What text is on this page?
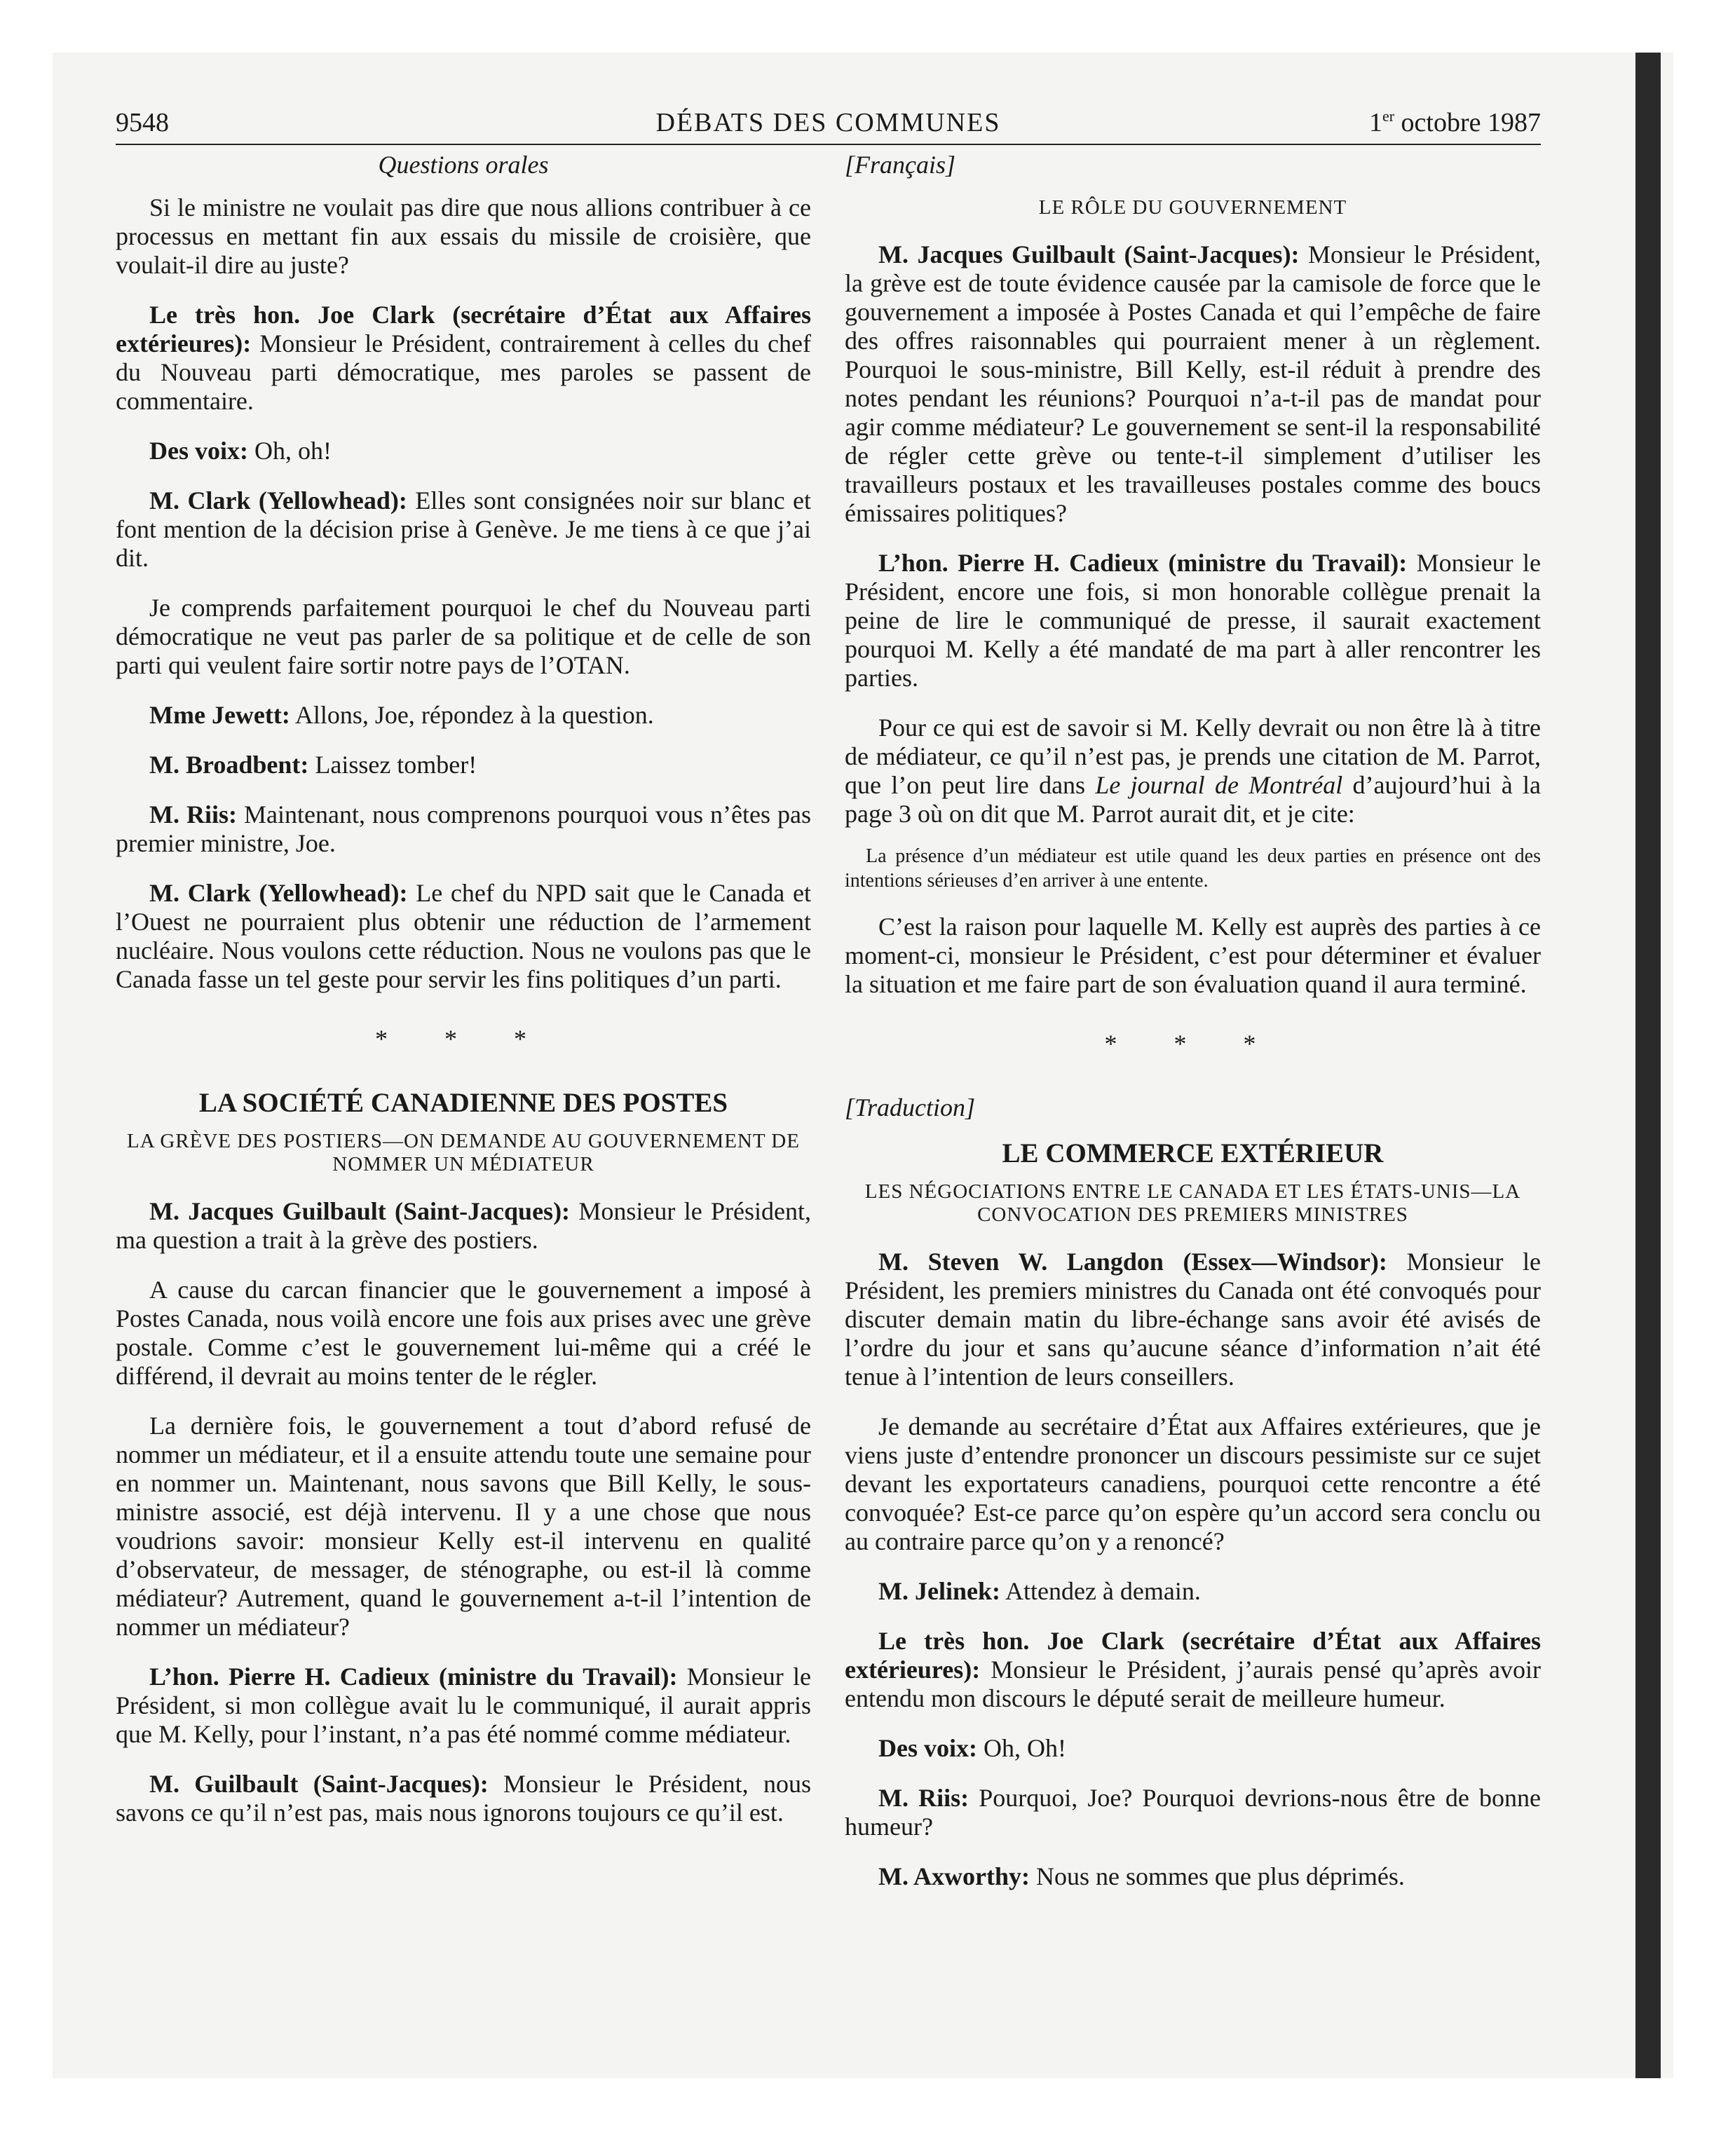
9548	DÉBATS DES COMMUNES	1er octobre 1987

Questions orales

Si le ministre ne voulait pas dire que nous allions contribuer à ce processus en mettant fin aux essais du missile de croisière, que voulait-il dire au juste?

Le très hon. Joe Clark (secrétaire d’État aux Affaires extérieures): Monsieur le Président, contrairement à celles du chef du Nouveau parti démocratique, mes paroles se passent de commentaire.

Des voix: Oh, oh!

M. Clark (Yellowhead): Elles sont consignées noir sur blanc et font mention de la décision prise à Genève. Je me tiens à ce que j’ai dit.

Je comprends parfaitement pourquoi le chef du Nouveau parti démocratique ne veut pas parler de sa politique et de celle de son parti qui veulent faire sortir notre pays de l’OTAN.

Mme Jewett: Allons, Joe, répondez à la question.

M. Broadbent: Laissez tomber!

M. Riis: Maintenant, nous comprenons pourquoi vous n’êtes pas premier ministre, Joe.

M. Clark (Yellowhead): Le chef du NPD sait que le Canada et l’Ouest ne pourraient plus obtenir une réduction de l’armement nucléaire. Nous voulons cette réduction. Nous ne voulons pas que le Canada fasse un tel geste pour servir les fins politiques d’un parti.

* * *

LA SOCIÉTÉ CANADIENNE DES POSTES

LA GRÈVE DES POSTIERS—ON DEMANDE AU GOUVERNEMENT DE NOMMER UN MÉDIATEUR

M. Jacques Guilbault (Saint-Jacques): Monsieur le Président, ma question a trait à la grève des postiers.

A cause du carcan financier que le gouvernement a imposé à Postes Canada, nous voilà encore une fois aux prises avec une grève postale. Comme c’est le gouvernement lui-même qui a créé le différend, il devrait au moins tenter de le régler.

La dernière fois, le gouvernement a tout d’abord refusé de nommer un médiateur, et il a ensuite attendu toute une semaine pour en nommer un. Maintenant, nous savons que Bill Kelly, le sous-ministre associé, est déjà intervenu. Il y a une chose que nous voudrions savoir: monsieur Kelly est-il intervenu en qualité d’observateur, de messager, de sténographe, ou est-il là comme médiateur? Autrement, quand le gouvernement a-t-il l’intention de nommer un médiateur?

L’hon. Pierre H. Cadieux (ministre du Travail): Monsieur le Président, si mon collègue avait lu le communiqué, il aurait appris que M. Kelly, pour l’instant, n’a pas été nommé comme médiateur.

M. Guilbault (Saint-Jacques): Monsieur le Président, nous savons ce qu’il n’est pas, mais nous ignorons toujours ce qu’il est.

[Français]

LE RÔLE DU GOUVERNEMENT

M. Jacques Guilbault (Saint-Jacques): Monsieur le Président, la grève est de toute évidence causée par la camisole de force que le gouvernement a imposée à Postes Canada et qui l’empêche de faire des offres raisonnables qui pourraient mener à un règlement. Pourquoi le sous-ministre, Bill Kelly, est-il réduit à prendre des notes pendant les réunions? Pourquoi n’a-t-il pas de mandat pour agir comme médiateur? Le gouvernement se sent-il la responsabilité de régler cette grève ou tente-t-il simplement d’utiliser les travailleurs postaux et les travailleuses postales comme des boucs émissaires politiques?

L’hon. Pierre H. Cadieux (ministre du Travail): Monsieur le Président, encore une fois, si mon honorable collègue prenait la peine de lire le communiqué de presse, il saurait exactement pourquoi M. Kelly a été mandaté de ma part à aller rencontrer les parties.

Pour ce qui est de savoir si M. Kelly devrait ou non être là à titre de médiateur, ce qu’il n’est pas, je prends une citation de M. Parrot, que l’on peut lire dans Le journal de Montréal d’aujourd’hui à la page 3 où on dit que M. Parrot aurait dit, et je cite:

La présence d’un médiateur est utile quand les deux parties en présence ont des intentions sérieuses d’en arriver à une entente.

C’est la raison pour laquelle M. Kelly est auprès des parties à ce moment-ci, monsieur le Président, c’est pour déterminer et évaluer la situation et me faire part de son évaluation quand il aura terminé.

* * *

[Traduction]

LE COMMERCE EXTÉRIEUR

LES NÉGOCIATIONS ENTRE LE CANADA ET LES ÉTATS-UNIS—LA CONVOCATION DES PREMIERS MINISTRES

M. Steven W. Langdon (Essex—Windsor): Monsieur le Président, les premiers ministres du Canada ont été convoqués pour discuter demain matin du libre-échange sans avoir été avisés de l’ordre du jour et sans qu’aucune séance d’information n’ait été tenue à l’intention de leurs conseillers.

Je demande au secrétaire d’État aux Affaires extérieures, que je viens juste d’entendre prononcer un discours pessimiste sur ce sujet devant les exportateurs canadiens, pourquoi cette rencontre a été convoquée? Est-ce parce qu’on espère qu’un accord sera conclu ou au contraire parce qu’on y a renoncé?

M. Jelinek: Attendez à demain.

Le très hon. Joe Clark (secrétaire d’État aux Affaires extérieures): Monsieur le Président, j’aurais pensé qu’après avoir entendu mon discours le député serait de meilleure humeur.

Des voix: Oh, Oh!

M. Riis: Pourquoi, Joe? Pourquoi devrions-nous être de bonne humeur?

M. Axworthy: Nous ne sommes que plus déprimés.
